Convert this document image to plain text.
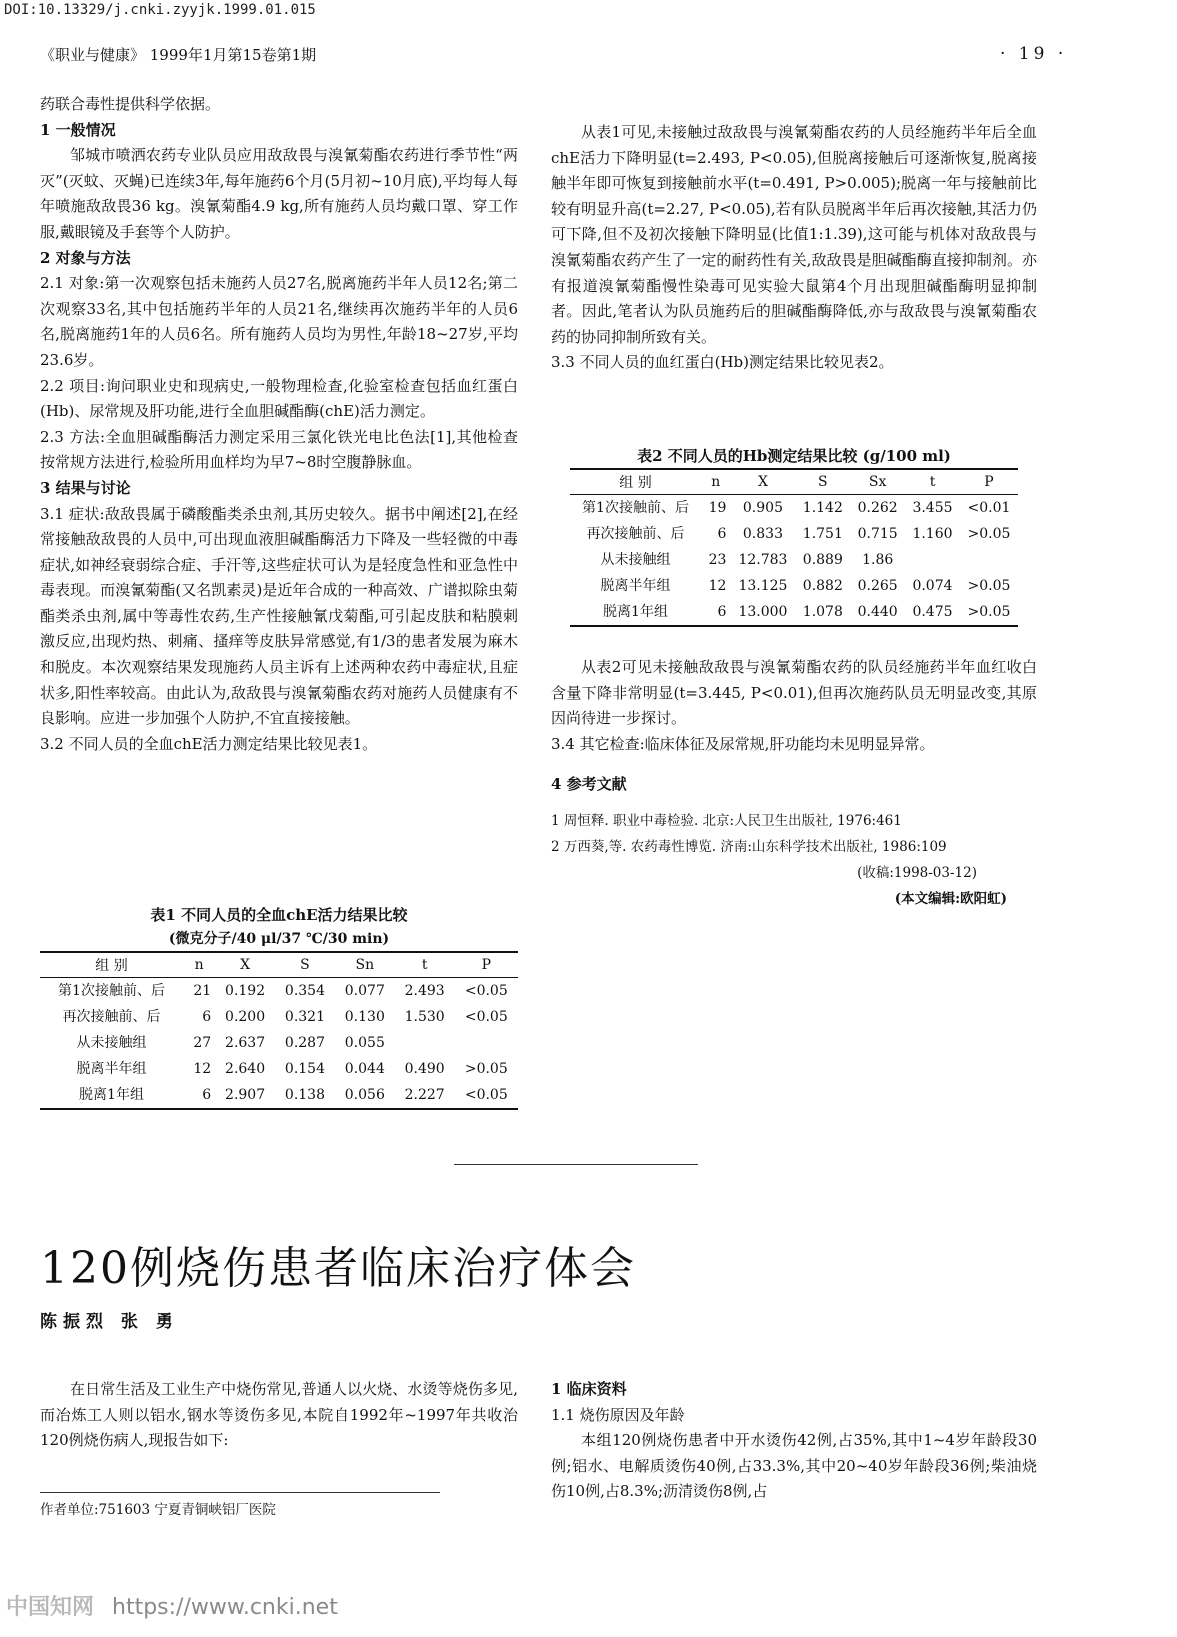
DOI:10.13329/j.cnki.zyyjk.1999.01.015
《职业与健康》 1999年1月第15卷第1期	· 19 ·

药联合毒性提供科学依据。

1 一般情况

邹城市喷洒农药专业队员应用敌敌畏与溴氰菊酯农药进行季节性“两灭”(灭蚊、灭蝇)已连续3年,每年施药6个月(5月初~10月底),平均每人每年喷施敌敌畏36 kg。溴氰菊酯4.9 kg,所有施药人员均戴口罩、穿工作服,戴眼镜及手套等个人防护。

2 对象与方法

2.1 对象:第一次观察包括未施药人员27名,脱离施药半年人员12名;第二次观察33名,其中包括施药半年的人员21名,继续再次施药半年的人员6名,脱离施药1年的人员6名。所有施药人员均为男性,年龄18~27岁,平均23.6岁。

2.2 项目:询问职业史和现病史,一般物理检查,化验室检查包括血红蛋白(Hb)、尿常规及肝功能,进行全血胆碱酯酶(chE)活力测定。

2.3 方法:全血胆碱酯酶活力测定采用三氯化铁光电比色法[1],其他检查按常规方法进行,检验所用血样均为早7~8时空腹静脉血。

3 结果与讨论

3.1 症状:敌敌畏属于磷酸酯类杀虫剂,其历史较久。据书中阐述[2],在经常接触敌敌畏的人员中,可出现血液胆碱酯酶活力下降及一些轻微的中毒症状,如神经衰弱综合症、手汗等,这些症状可认为是轻度急性和亚急性中毒表现。而溴氰菊酯(又名凯素灵)是近年合成的一种高效、广谱拟除虫菊酯类杀虫剂,属中等毒性农药,生产性接触氰戊菊酯,可引起皮肤和粘膜刺激反应,出现灼热、刺痛、搔痒等皮肤异常感觉,有1/3的患者发展为麻木和脱皮。本次观察结果发现施药人员主诉有上述两种农药中毒症状,且症状多,阳性率较高。由此认为,敌敌畏与溴氰菊酯农药对施药人员健康有不良影响。应进一步加强个人防护,不宜直接接触。

3.2 不同人员的全血chE活力测定结果比较见表1。

表1 不同人员的全血chE活力结果比较
(微克分子/40 μl/37 ℃/30 min)
组 别	n	X	S	Sn	t	P
第1次接触前、后	21	0.192	0.354	0.077	2.493	<0.05
再次接触前、后	6	0.200	0.321	0.130	1.530	<0.05
从未接触组	27	2.637	0.287	0.055		
脱离半年组	12	2.640	0.154	0.044	0.490	>0.05
脱离1年组	6	2.907	0.138	0.056	2.227	<0.05

从表1可见,未接触过敌敌畏与溴氰菊酯农药的人员经施药半年后全血chE活力下降明显(t=2.493, P<0.05),但脱离接触后可逐渐恢复,脱离接触半年即可恢复到接触前水平(t=0.491, P>0.005);脱离一年与接触前比较有明显升高(t=2.27, P<0.05),若有队员脱离半年后再次接触,其活力仍可下降,但不及初次接触下降明显(比值1:1.39),这可能与机体对敌敌畏与溴氰菊酯农药产生了一定的耐药性有关,敌敌畏是胆碱酯酶直接抑制剂。亦有报道溴氰菊酯慢性染毒可见实验大鼠第4个月出现胆碱酯酶明显抑制者。因此,笔者认为队员施药后的胆碱酯酶降低,亦与敌敌畏与溴氰菊酯农药的协同抑制所致有关。

3.3 不同人员的血红蛋白(Hb)测定结果比较见表2。

表2 不同人员的Hb测定结果比较 (g/100 ml)
组 别	n	X	S	Sx	t	P
第1次接触前、后	19	0.905	1.142	0.262	3.455	<0.01
再次接触前、后	6	0.833	1.751	0.715	1.160	>0.05
从未接触组	23	12.783	0.889	1.86		
脱离半年组	12	13.125	0.882	0.265	0.074	>0.05
脱离1年组	6	13.000	1.078	0.440	0.475	>0.05

从表2可见未接触敌敌畏与溴氰菊酯农药的队员经施药半年血红收白含量下降非常明显(t=3.445, P<0.01),但再次施药队员无明显改变,其原因尚待进一步探讨。

3.4 其它检查:临床体征及尿常规,肝功能均未见明显异常。

4 参考文献

1 周恒释. 职业中毒检验. 北京:人民卫生出版社, 1976:461

2 万西葵,等. 农药毒性博览. 济南:山东科学技术出版社, 1986:109

(收稿:1998-03-12)

(本文编辑:欧阳虹)

120例烧伤患者临床治疗体会
陈振烈 张 勇

在日常生活及工业生产中烧伤常见,普通人以火烧、水烫等烧伤多见,而冶炼工人则以铝水,钢水等烫伤多见,本院自1992年~1997年共收治120例烧伤病人,现报告如下:

作者单位:751603 宁夏青铜峡铝厂医院

1 临床资料

1.1 烧伤原因及年龄

本组120例烧伤患者中开水烫伤42例,占35%,其中1~4岁年龄段30例;铝水、电解质烫伤40例,占33.3%,其中20~40岁年龄段36例;柴油烧伤10例,占8.3%;沥清烫伤8例,占

中国知网 https://www.cnki.net
